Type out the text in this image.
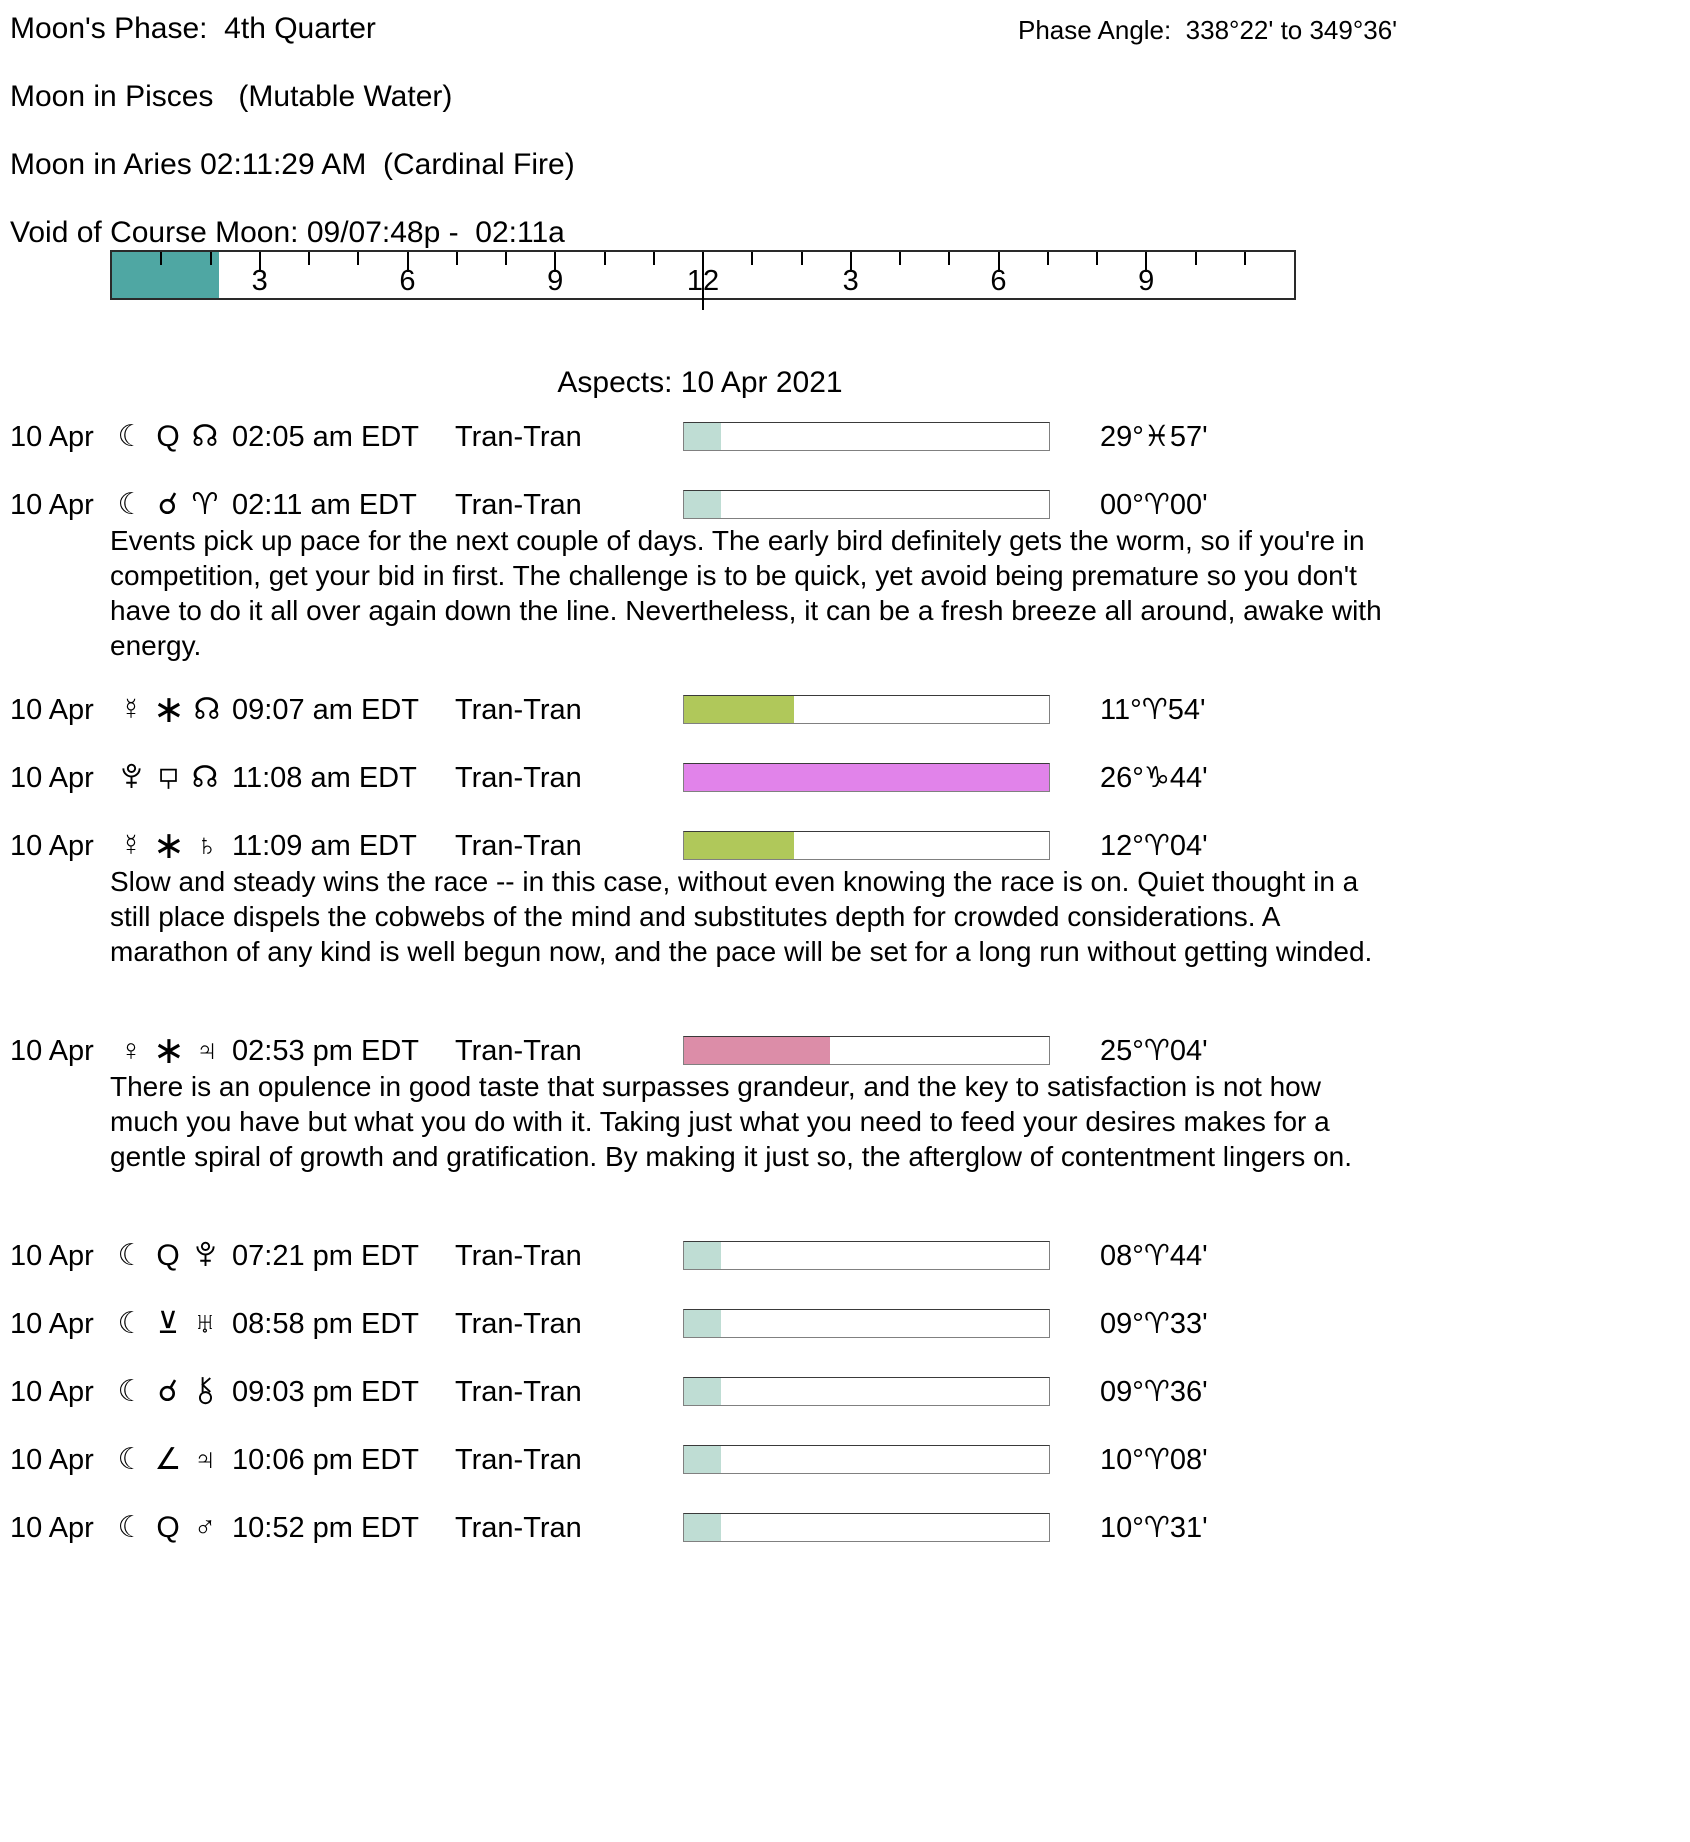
Moon's Phase:  4th Quarter	Phase Angle:  338°22' to 349°36'
Moon in Pisces   (Mutable Water)
Moon in Aries 02:11:29 AM  (Cardinal Fire)
Void of Course Moon: 09/07:48p -  02:11a
3	6	9	12	3	6	9
Aspects: 10 Apr 2021
10 Apr ☾ Q ☊ 02:05 am EDT Tran-Tran	29°♓57'
10 Apr ☾ ☌ ♈ 02:11 am EDT Tran-Tran	00°♈00'
Events pick up pace for the next couple of days. The early bird definitely gets the worm, so if you're in competition, get your bid in first. The challenge is to be quick, yet avoid being premature so you don't have to do it all over again down the line. Nevertheless, it can be a fresh breeze all around, awake with energy.
10 Apr ☿ ∗ ☊ 09:07 am EDT Tran-Tran	11°♈54'
10 Apr	☊ 11:08 am EDT Tran-Tran	26°♑44'
10 Apr ☿ ∗ ♄ 11:09 am EDT Tran-Tran	12°♈04'
Slow and steady wins the race -- in this case, without even knowing the race is on. Quiet thought in a still place dispels the cobwebs of the mind and substitutes depth for crowded considerations. A marathon of any kind is well begun now, and the pace will be set for a long run without getting winded.
10 Apr ♀ ∗ ♃ 02:53 pm EDT Tran-Tran	25°♈04'
There is an opulence in good taste that surpasses grandeur, and the key to satisfaction is not how much you have but what you do with it. Taking just what you need to feed your desires makes for a gentle spiral of growth and gratification. By making it just so, the afterglow of contentment lingers on.
10 Apr ☾ Q 07:21 pm EDT Tran-Tran	08°♈44'
10 Apr ☾ ⊻ ♅ 08:58 pm EDT Tran-Tran	09°♈33'
10 Apr ☾ ☌ 09:03 pm EDT Tran-Tran	09°♈36'
10 Apr ☾ ∠ ♃ 10:06 pm EDT Tran-Tran	10°♈08'
10 Apr ☾ Q ♂ 10:52 pm EDT Tran-Tran	10°♈31'
